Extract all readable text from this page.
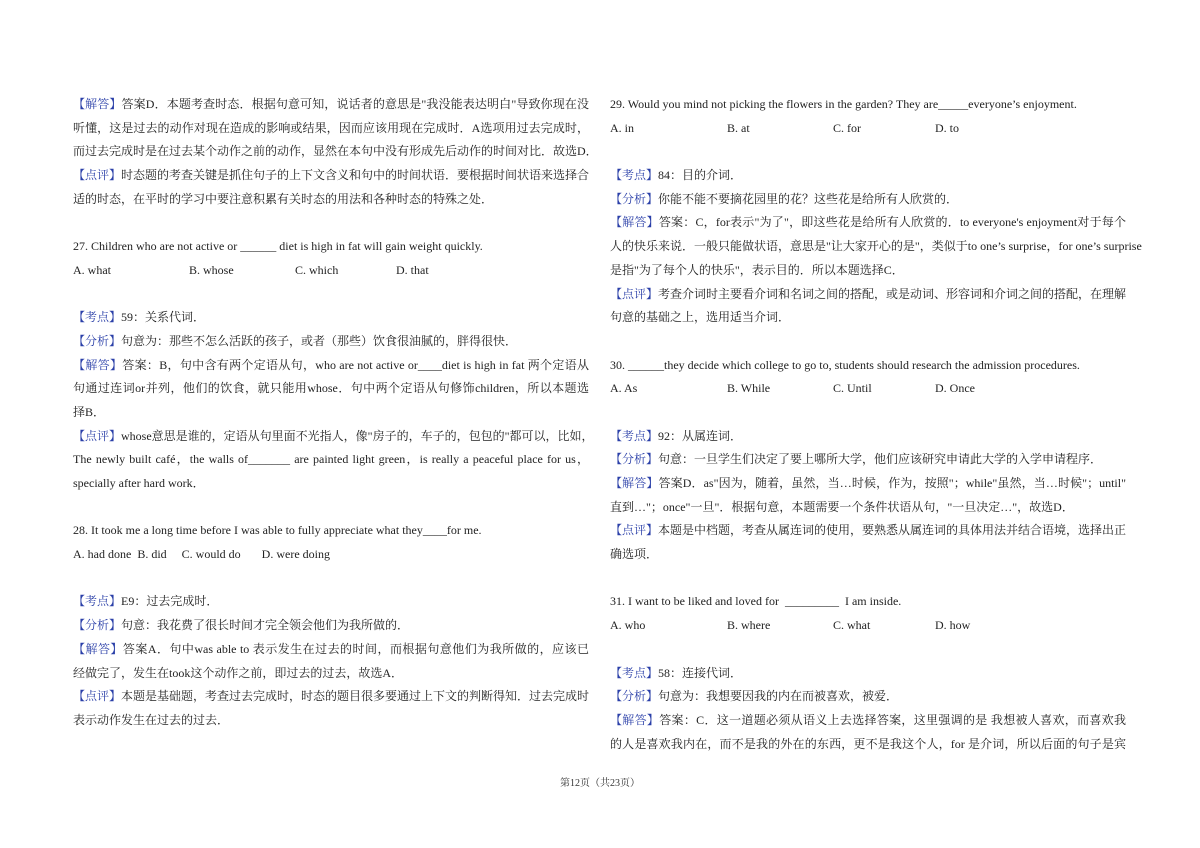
【解答】答案D．本题考查时态．根据句意可知，说话者的意思是"我没能表达明白"导致你现在没
听懂，这是过去的动作对现在造成的影响或结果，因而应该用现在完成时．A选项用过去完成时，
而过去完成时是在过去某个动作之前的动作，显然在本句中没有形成先后动作的时间对比．故选D．
【点评】时态题的考查关键是抓住句子的上下文含义和句中的时间状语．要根据时间状语来选择合
适的时态，在平时的学习中要注意积累有关时态的用法和各种时态的特殊之处．
27. Children who are not active or ______ diet is high in fat will gain weight quickly.
A. what	B. whose	C. which	D. that
【考点】59：关系代词．
【分析】句意为：那些不怎么活跃的孩子，或者（那些）饮食很油腻的，胖得很快．
【解答】答案：B，句中含有两个定语从句，who are not active or____diet is high in fat 两个定语从
句通过连词or并列，他们的饮食，就只能用whose．句中两个定语从句修饰children，所以本题选
择B．
【点评】whose意思是谁的，定语从句里面不光指人，像"房子的，车子的，包包的"都可以，比如，
The newly built café，the walls of_______ are painted light green，is really a peaceful place for us，
specially after hard work．
28. It took me a long time before I was able to fully appreciate what they____for me.
A. had done  B. did     C. would do       D. were doing
【考点】E9：过去完成时．
【分析】句意：我花费了很长时间才完全领会他们为我所做的．
【解答】答案A．句中was able to 表示发生在过去的时间，而根据句意他们为我所做的，应该已
经做完了，发生在took这个动作之前，即过去的过去，故选A．
【点评】本题是基础题，考查过去完成时，时态的题目很多要通过上下文的判断得知．过去完成时
表示动作发生在过去的过去．
29. Would you mind not picking the flowers in the garden? They are_____everyone’s enjoyment.
A. in	B. at	C. for	D. to
【考点】84：目的介词．
【分析】你能不能不要摘花园里的花？这些花是给所有人欣赏的．
【解答】答案：C，for表示"为了"，即这些花是给所有人欣赏的．to everyone's enjoyment对于每个
人的快乐来说．一般只能做状语，意思是"让大家开心的是"，类似于to one’s surprise，for one’s surprise
是指"为了每个人的快乐"，表示目的．所以本题选择C．
【点评】考查介词时主要看介词和名词之间的搭配，或是动词、形容词和介词之间的搭配，在理解
句意的基础之上，选用适当介词．
30. ______they decide which college to go to, students should research the admission procedures.
A. As	B. While	C. Until	D. Once
【考点】92：从属连词．
【分析】句意：一旦学生们决定了要上哪所大学，他们应该研究申请此大学的入学申请程序．
【解答】答案D．as"因为，随着，虽然，当…时候，作为，按照"；while"虽然，当…时候"；until"
直到…"；once"一旦"．根据句意，本题需要一个条件状语从句，"一旦决定…"，故选D．
【点评】本题是中档题，考查从属连词的使用，要熟悉从属连词的具体用法并结合语境，选择出正
确选项．
31. I want to be liked and loved for  _________  I am inside.
A. who	B. where	C. what	D. how
【考点】58：连接代词．
【分析】句意为：我想要因我的内在而被喜欢，被爱．
【解答】答案：C．这一道题必须从语义上去选择答案，这里强调的是 我想被人喜欢，而喜欢我
的人是喜欢我内在，而不是我的外在的东西，更不是我这个人，for 是介词，所以后面的句子是宾
第12页（共23页）
